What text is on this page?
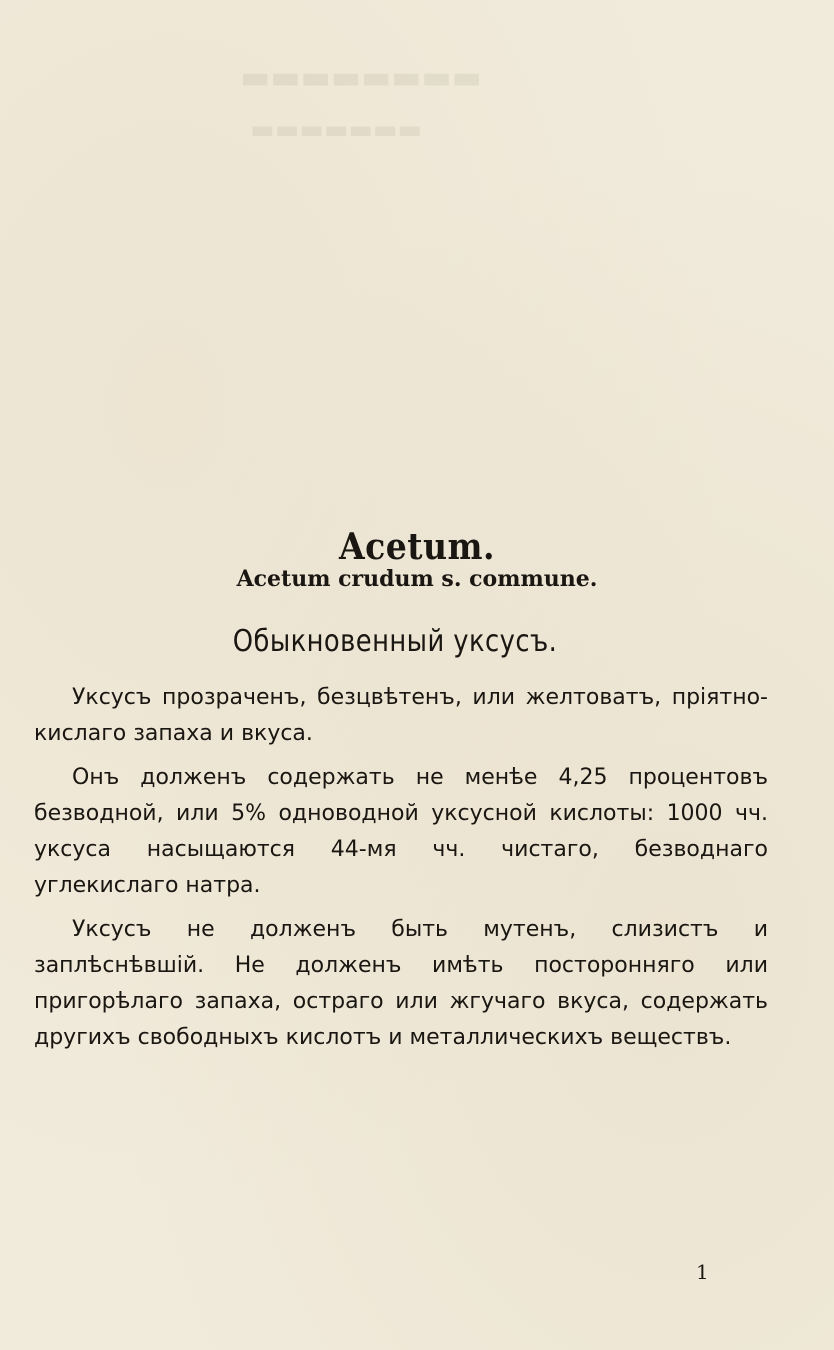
▬▬▬▬▬▬▬▬
▬▬▬▬▬▬▬
Acetum.
Acetum crudum s. commune.
Обыкновенный уксусъ.

Уксусъ прозраченъ, безцвѣтенъ, или желтоватъ, пріятно-кислаго запаха и вкуса.

Онъ долженъ содержать не менѣе 4,25 процентовъ безводной, или 5% одноводной уксусной кислоты: 1000 чч. уксуса насыщаются 44-мя чч. чистаго, безводнаго углекислаго натра.

Уксусъ не долженъ быть мутенъ, слизистъ и заплѣснѣвшій. Не долженъ имѣть посторонняго или пригорѣлаго запаха, остраго или жгучаго вкуса, содержать другихъ свободныхъ кислотъ и металлическихъ веществъ.

1
